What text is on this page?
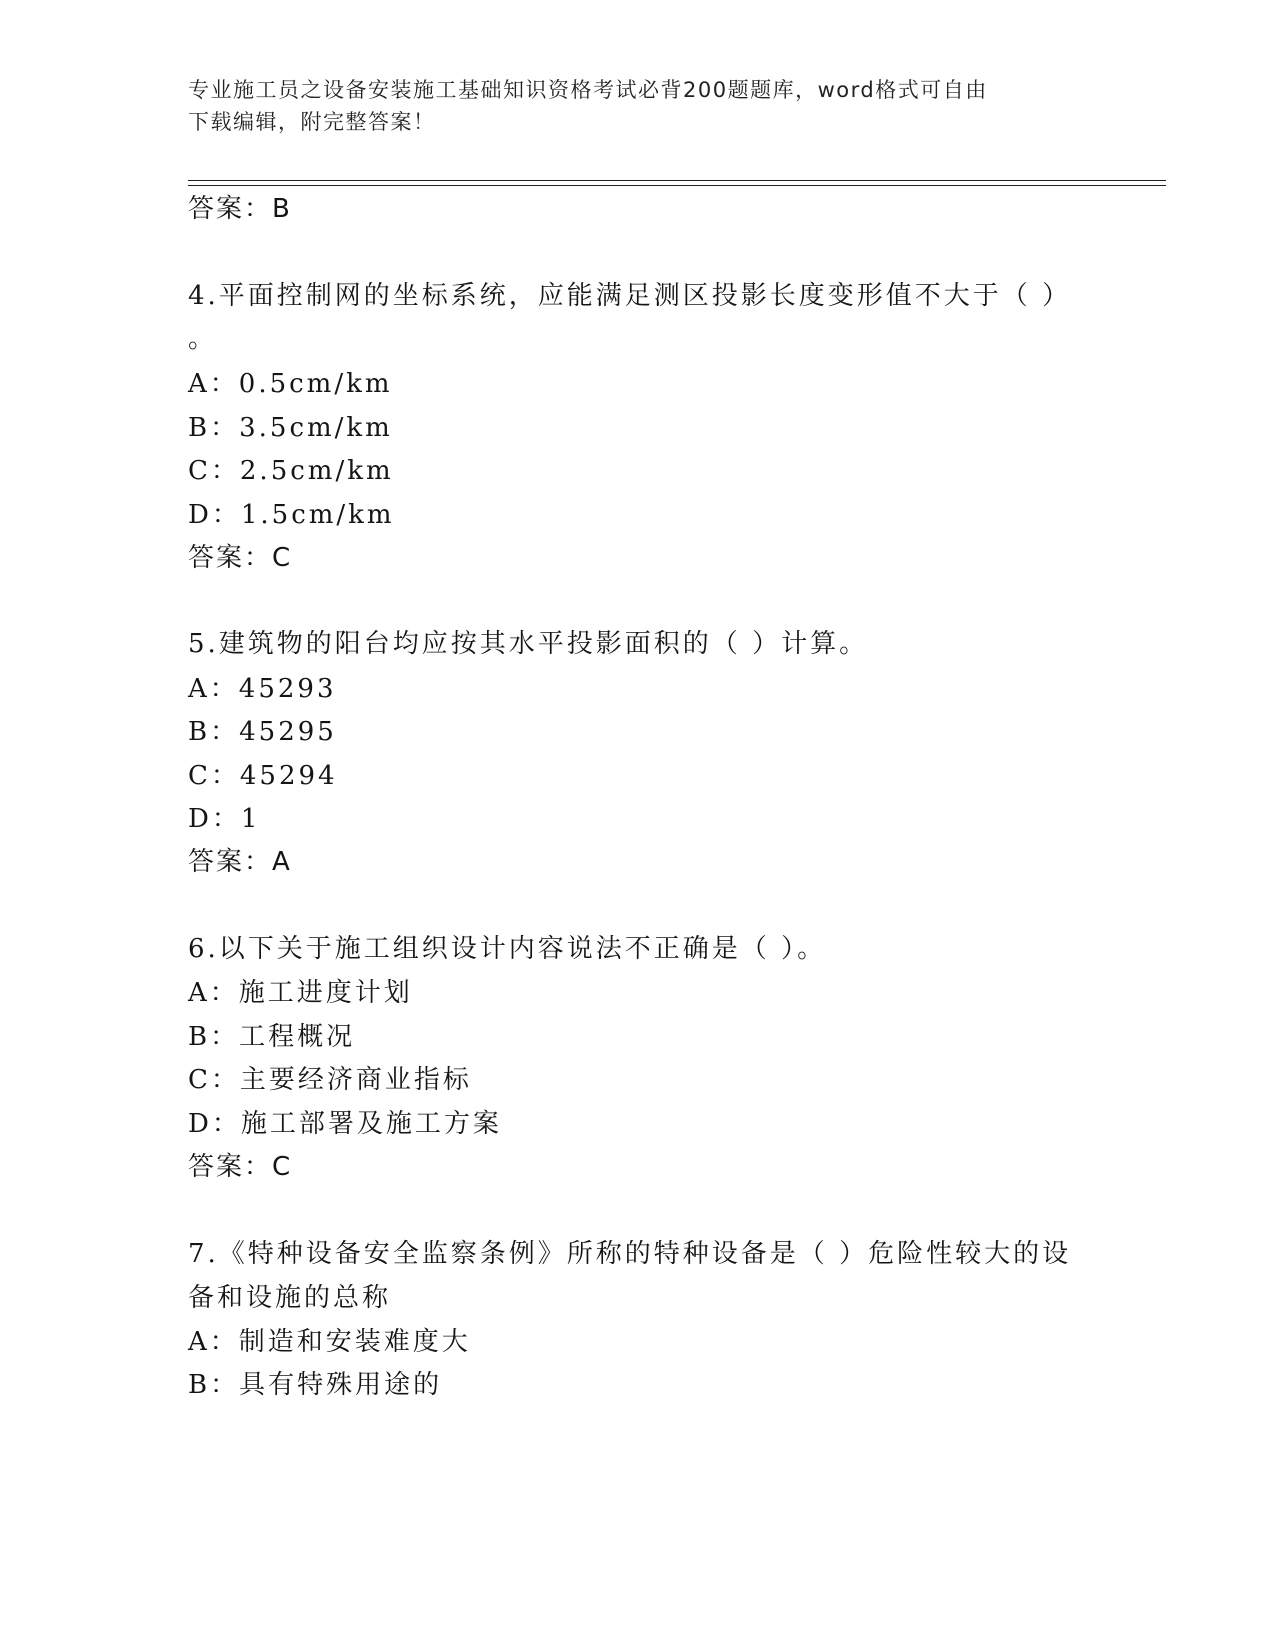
专业施工员之设备安装施工基础知识资格考试必背200题题库，word格式可自由
下载编辑，附完整答案！
答案：B
4.平面控制网的坐标系统，应能满足测区投影长度变形值不大于（ ）
。
A：0.5cm/km
B：3.5cm/km
C：2.5cm/km
D：1.5cm/km
答案：C
5.建筑物的阳台均应按其水平投影面积的（ ）计算。
A：45293
B：45295
C：45294
D：1
答案：A
6.以下关于施工组织设计内容说法不正确是（ ）。
A：施工进度计划
B：工程概况
C：主要经济商业指标
D：施工部署及施工方案
答案：C
7.《特种设备安全监察条例》所称的特种设备是（ ）危险性较大的设
备和设施的总称
A：制造和安装难度大
B：具有特殊用途的
